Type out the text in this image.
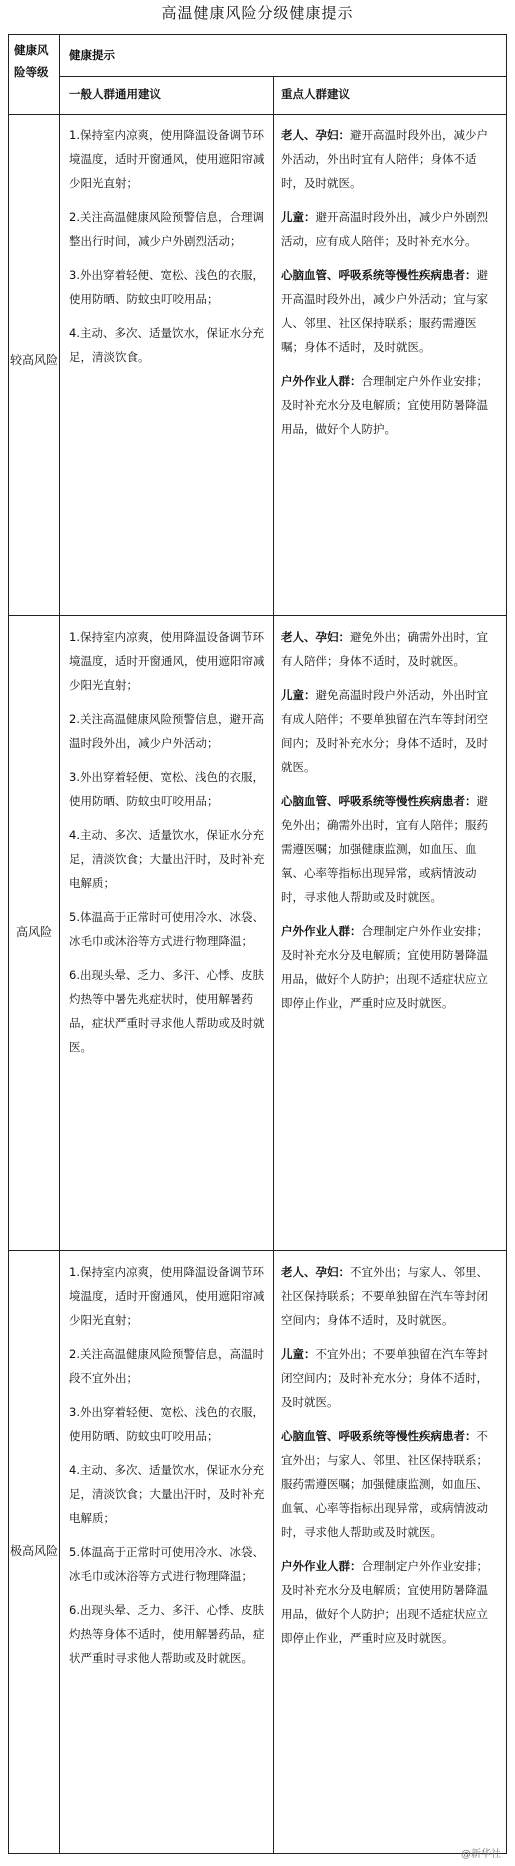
高温健康风险分级健康提示
健康风险等级
健康提示
一般人群通用建议	重点人群建议
较高风险
高风险
极高风险
1.保持室内凉爽，使用降温设备调节环境温度，适时开窗通风，使用遮阳帘减少阳光直射；
2.关注高温健康风险预警信息，合理调整出行时间，减少户外剧烈活动；
3.外出穿着轻便、宽松、浅色的衣服，使用防晒、防蚊虫叮咬用品；
4.主动、多次、适量饮水，保证水分充足，清淡饮食。
老人、孕妇：避开高温时段外出，减少户外活动，外出时宜有人陪伴；身体不适时，及时就医。
儿童：避开高温时段外出，减少户外剧烈活动，应有成人陪伴；及时补充水分。
心脑血管、呼吸系统等慢性疾病患者：避开高温时段外出，减少户外活动；宜与家人、邻里、社区保持联系；服药需遵医嘱；身体不适时，及时就医。
户外作业人群：合理制定户外作业安排；及时补充水分及电解质；宜使用防暑降温用品，做好个人防护。
1.保持室内凉爽，使用降温设备调节环境温度，适时开窗通风，使用遮阳帘减少阳光直射；
2.关注高温健康风险预警信息，避开高温时段外出，减少户外活动；
3.外出穿着轻便、宽松、浅色的衣服，使用防晒、防蚊虫叮咬用品；
4.主动、多次、适量饮水，保证水分充足，清淡饮食；大量出汗时，及时补充电解质；
5.体温高于正常时可使用冷水、冰袋、冰毛巾或沐浴等方式进行物理降温；
6.出现头晕、乏力、多汗、心悸、皮肤灼热等中暑先兆症状时，使用解暑药品，症状严重时寻求他人帮助或及时就医。
老人、孕妇：避免外出；确需外出时，宜有人陪伴；身体不适时，及时就医。
儿童：避免高温时段户外活动，外出时宜有成人陪伴；不要单独留在汽车等封闭空间内；及时补充水分；身体不适时，及时就医。
心脑血管、呼吸系统等慢性疾病患者：避免外出；确需外出时，宜有人陪伴；服药需遵医嘱；加强健康监测，如血压、血氧、心率等指标出现异常，或病情波动时，寻求他人帮助或及时就医。
户外作业人群：合理制定户外作业安排；及时补充水分及电解质；宜使用防暑降温用品，做好个人防护；出现不适症状应立即停止作业，严重时应及时就医。
1.保持室内凉爽，使用降温设备调节环境温度，适时开窗通风，使用遮阳帘减少阳光直射；
2.关注高温健康风险预警信息，高温时段不宜外出；
3.外出穿着轻便、宽松、浅色的衣服，使用防晒、防蚊虫叮咬用品；
4.主动、多次、适量饮水，保证水分充足，清淡饮食；大量出汗时，及时补充电解质；
5.体温高于正常时可使用冷水、冰袋、冰毛巾或沐浴等方式进行物理降温；
6.出现头晕、乏力、多汗、心悸、皮肤灼热等身体不适时，使用解暑药品，症状严重时寻求他人帮助或及时就医。
老人、孕妇：不宜外出；与家人、邻里、社区保持联系；不要单独留在汽车等封闭空间内；身体不适时，及时就医。
儿童：不宜外出；不要单独留在汽车等封闭空间内；及时补充水分；身体不适时，及时就医。
心脑血管、呼吸系统等慢性疾病患者：不宜外出；与家人、邻里、社区保持联系；服药需遵医嘱；加强健康监测，如血压、血氧、心率等指标出现异常，或病情波动时，寻求他人帮助或及时就医。
户外作业人群：合理制定户外作业安排；及时补充水分及电解质；宜使用防暑降温用品，做好个人防护；出现不适症状应立即停止作业，严重时应及时就医。
@新华社
